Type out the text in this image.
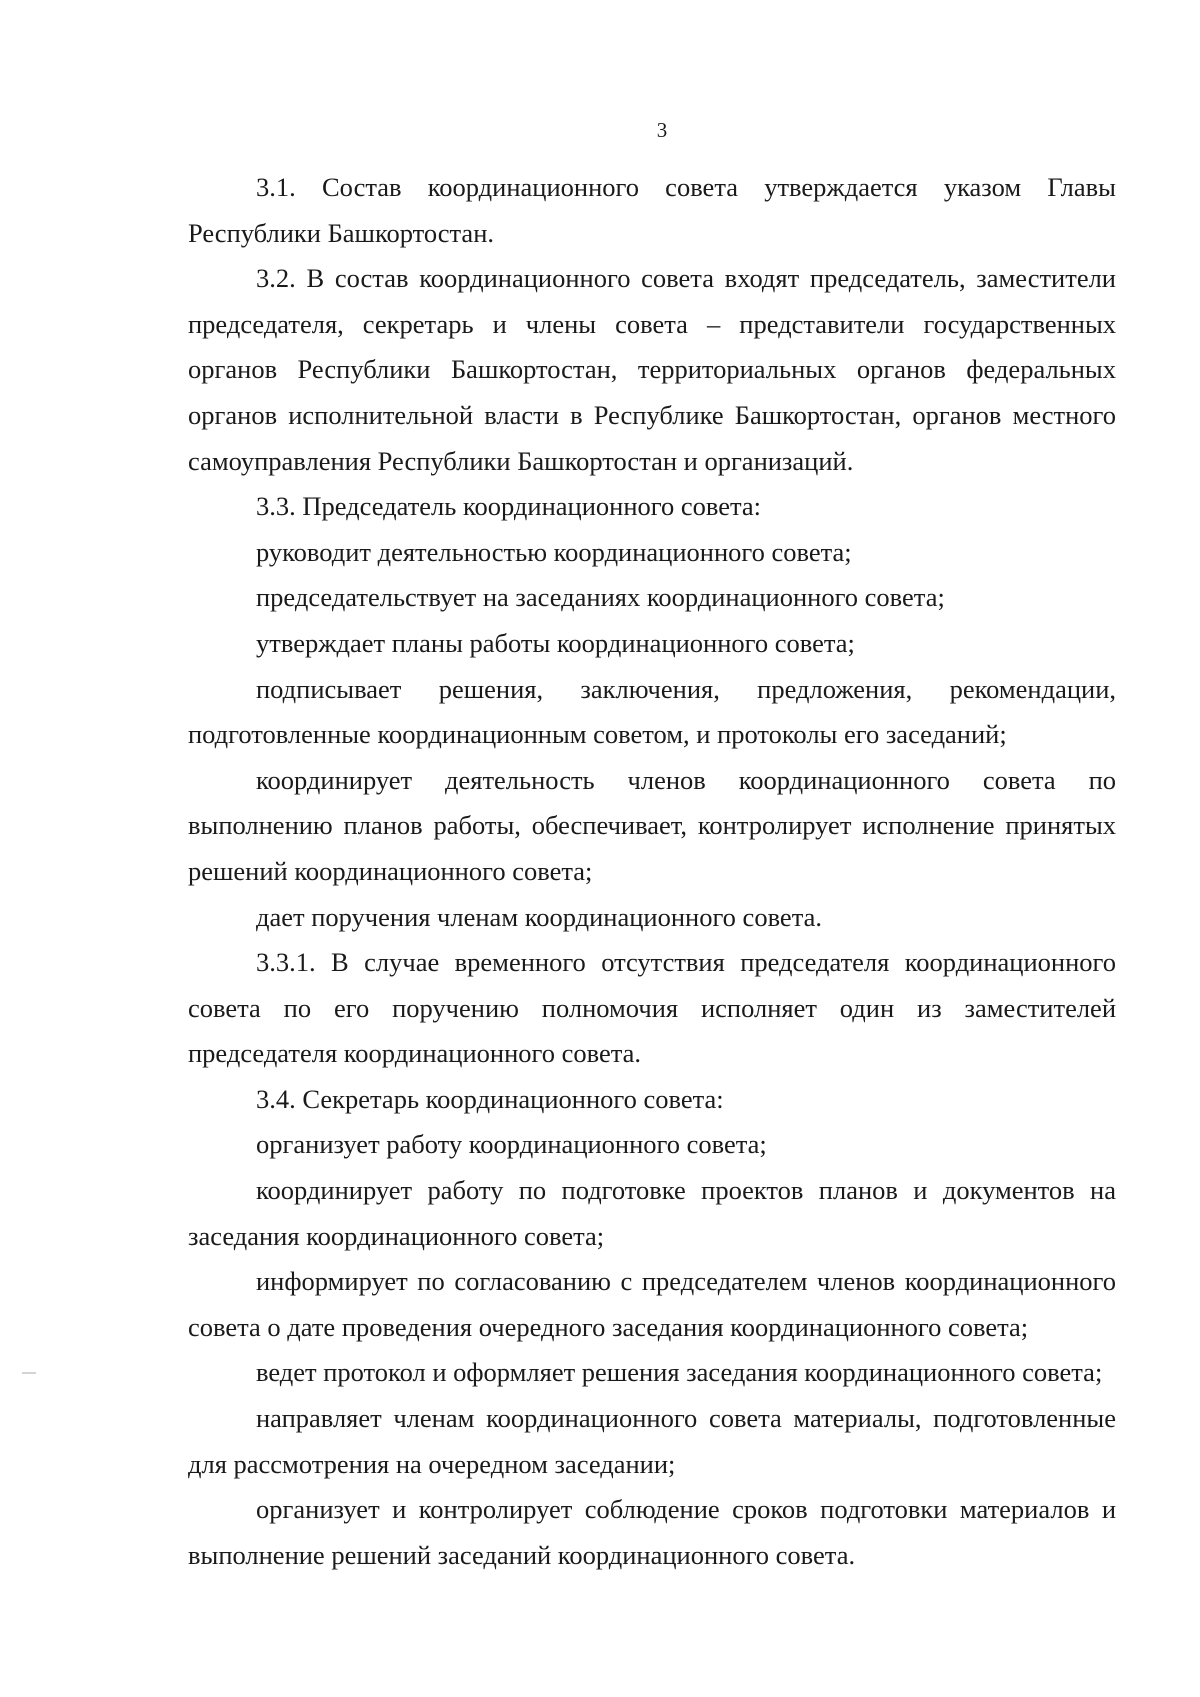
3

3.1. Состав координационного совета утверждается указом Главы Республики Башкортостан.

3.2. В состав координационного совета входят председатель, заместители председателя, секретарь и члены совета – представители государственных органов Республики Башкортостан, территориальных органов федеральных органов исполнительной власти в Республике Башкортостан, органов местного самоуправления Республики Башкортостан и организаций.

3.3. Председатель координационного совета:

руководит деятельностью координационного совета;

председательствует на заседаниях координационного совета;

утверждает планы работы координационного совета;

подписывает решения, заключения, предложения, рекомендации, подготовленные координационным советом, и протоколы его заседаний;

координирует деятельность членов координационного совета по выполнению планов работы, обеспечивает, контролирует исполнение принятых решений координационного совета;

дает поручения членам координационного совета.

3.3.1. В случае временного отсутствия председателя координационного совета по его поручению полномочия исполняет один из заместителей председателя координационного совета.

3.4. Секретарь координационного совета:

организует работу координационного совета;

координирует работу по подготовке проектов планов и документов на заседания координационного совета;

информирует по согласованию с председателем членов координационного совета о дате проведения очередного заседания координационного совета;

ведет протокол и оформляет решения заседания координационного совета;

направляет членам координационного совета материалы, подготовленные для рассмотрения на очередном заседании;

организует и контролирует соблюдение сроков подготовки материалов и выполнение решений заседаний координационного совета.
